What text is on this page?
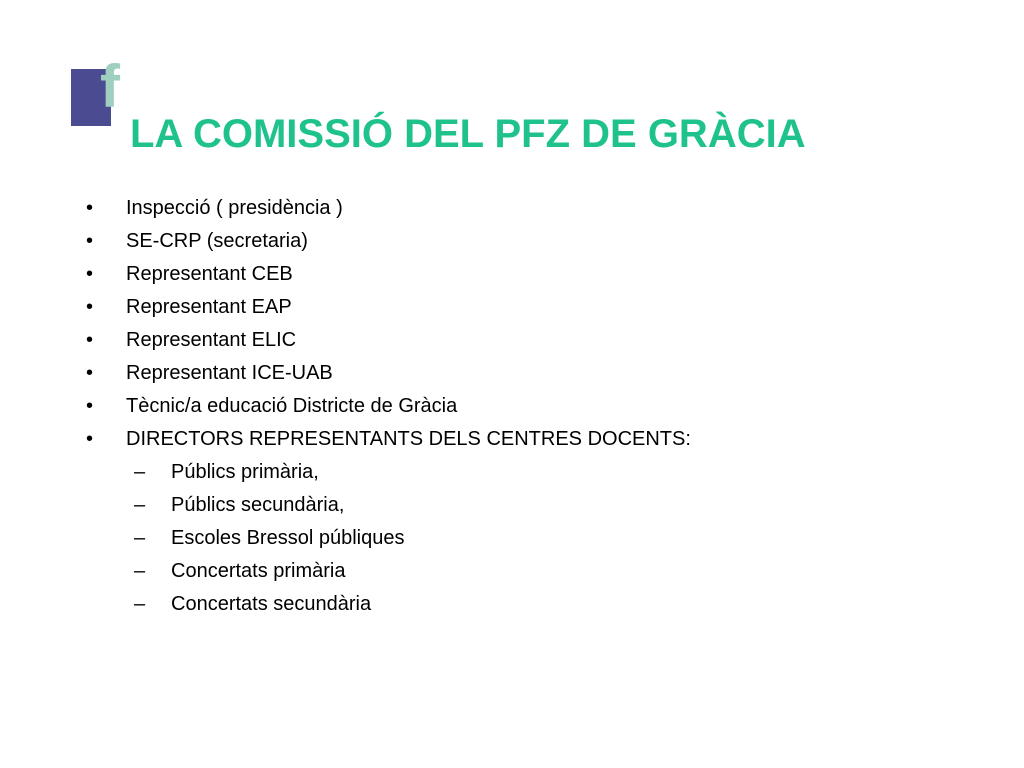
f
LA COMISSIÓ DEL PFZ DE GRÀCIA
• Inspecció ( presidència )
• SE-CRP (secretaria)
• Representant CEB
• Representant EAP
• Representant ELIC
• Representant ICE-UAB
• Tècnic/a educació Districte de Gràcia
• DIRECTORS REPRESENTANTS DELS CENTRES DOCENTS:
– Públics primària,
– Públics secundària,
– Escoles Bressol públiques
– Concertats primària
– Concertats secundària
